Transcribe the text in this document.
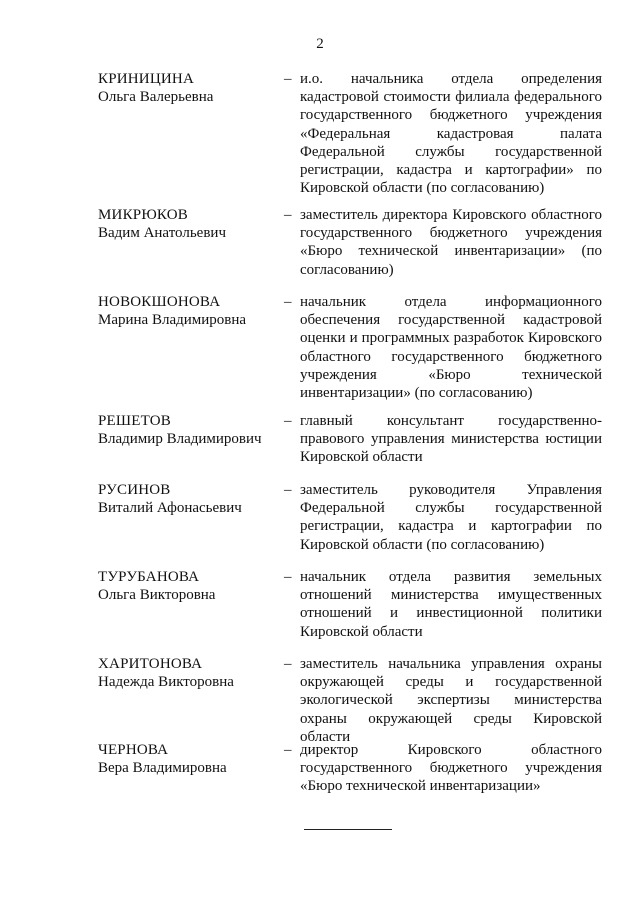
2
КРИНИЦИНА
Ольга Валерьевна
– и.о. начальника отдела определения кадастровой стоимости филиала федерального государственного бюджетного учреждения «Федеральная кадастровая палата Федеральной службы государственной регистрации, кадастра и картографии» по Кировской области (по согласованию)
МИКРЮКОВ
Вадим Анатольевич
– заместитель директора Кировского областного государственного бюджетного учреждения «Бюро технической инвентаризации» (по согласованию)
НОВОКШОНОВА
Марина Владимировна
– начальник отдела информационного обеспечения государственной кадастровой оценки и программных разработок Кировского областного государственного бюджетного учреждения «Бюро технической инвентаризации» (по согласованию)
РЕШЕТОВ
Владимир Владимирович
– главный консультант государственно-правового управления министерства юстиции Кировской области
РУСИНОВ
Виталий Афонасьевич
– заместитель руководителя Управления Федеральной службы государственной регистрации, кадастра и картографии по Кировской области (по согласованию)
ТУРУБАНОВА
Ольга Викторовна
– начальник отдела развития земельных отношений министерства имущественных отношений и инвестиционной политики Кировской области
ХАРИТОНОВА
Надежда Викторовна
– заместитель начальника управления охраны окружающей среды и государственной экологической экспертизы министерства охраны окружающей среды Кировской области
ЧЕРНОВА
Вера Владимировна
– директор Кировского областного государственного бюджетного учреждения «Бюро технической инвентаризации»
